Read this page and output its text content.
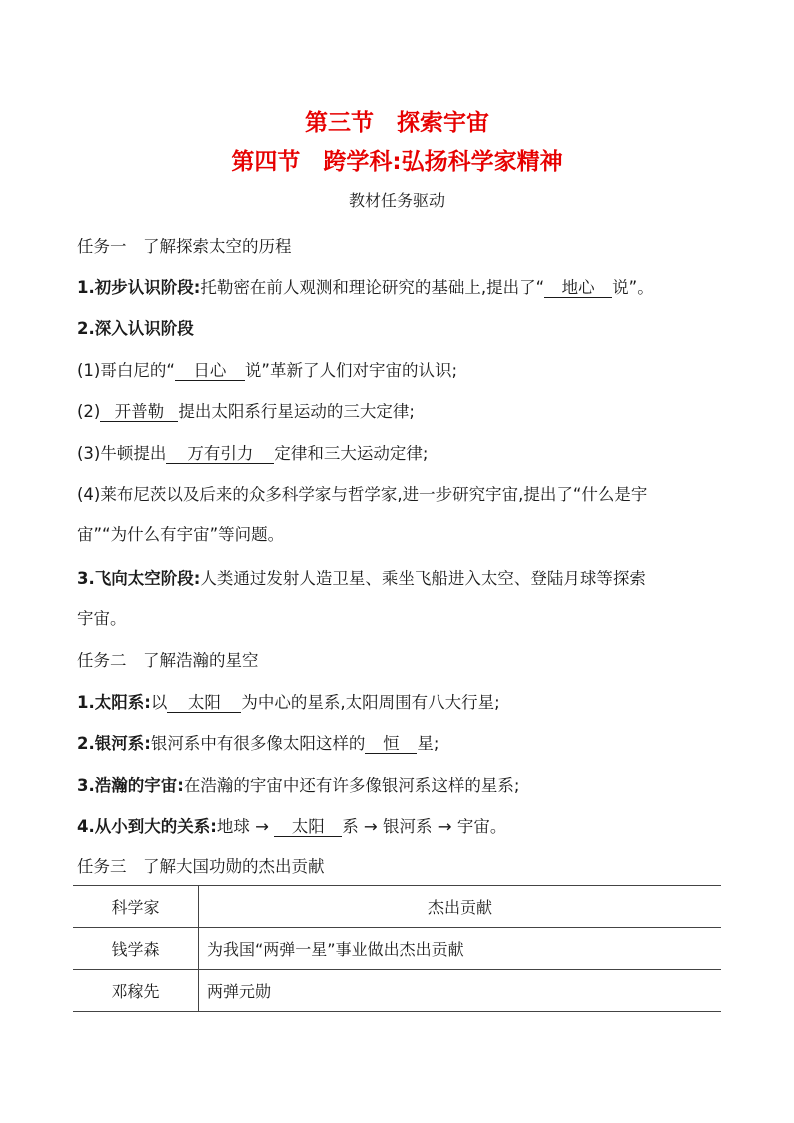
第三节　探索宇宙
第四节　跨学科:弘扬科学家精神
教材任务驱动
任务一　了解探索太空的历程
1.初步认识阶段:托勒密在前人观测和理论研究的基础上,提出了“ 地心 说”。
2.深入认识阶段
(1)哥白尼的“ 日心 说”革新了人们对宇宙的认识;
(2) 开普勒 提出太阳系行星运动的三大定律;
(3)牛顿提出 万有引力 定律和三大运动定律;
(4)莱布尼茨以及后来的众多科学家与哲学家,进一步研究宇宙,提出了“什么是宇
宙”“为什么有宇宙”等问题。
3.飞向太空阶段:人类通过发射人造卫星、乘坐飞船进入太空、登陆月球等探索
宇宙。
任务二　了解浩瀚的星空
1.太阳系:以 太阳 为中心的星系,太阳周围有八大行星;
2.银河系:银河系中有很多像太阳这样的 恒 星;
3.浩瀚的宇宙:在浩瀚的宇宙中还有许多像银河系这样的星系;
4.从小到大的关系:地球 → 太阳 系 → 银河系 → 宇宙。
任务三　了解大国功勋的杰出贡献
科学家	杰出贡献
钱学森	为我国“两弹一星”事业做出杰出贡献
邓稼先	两弹元勋
